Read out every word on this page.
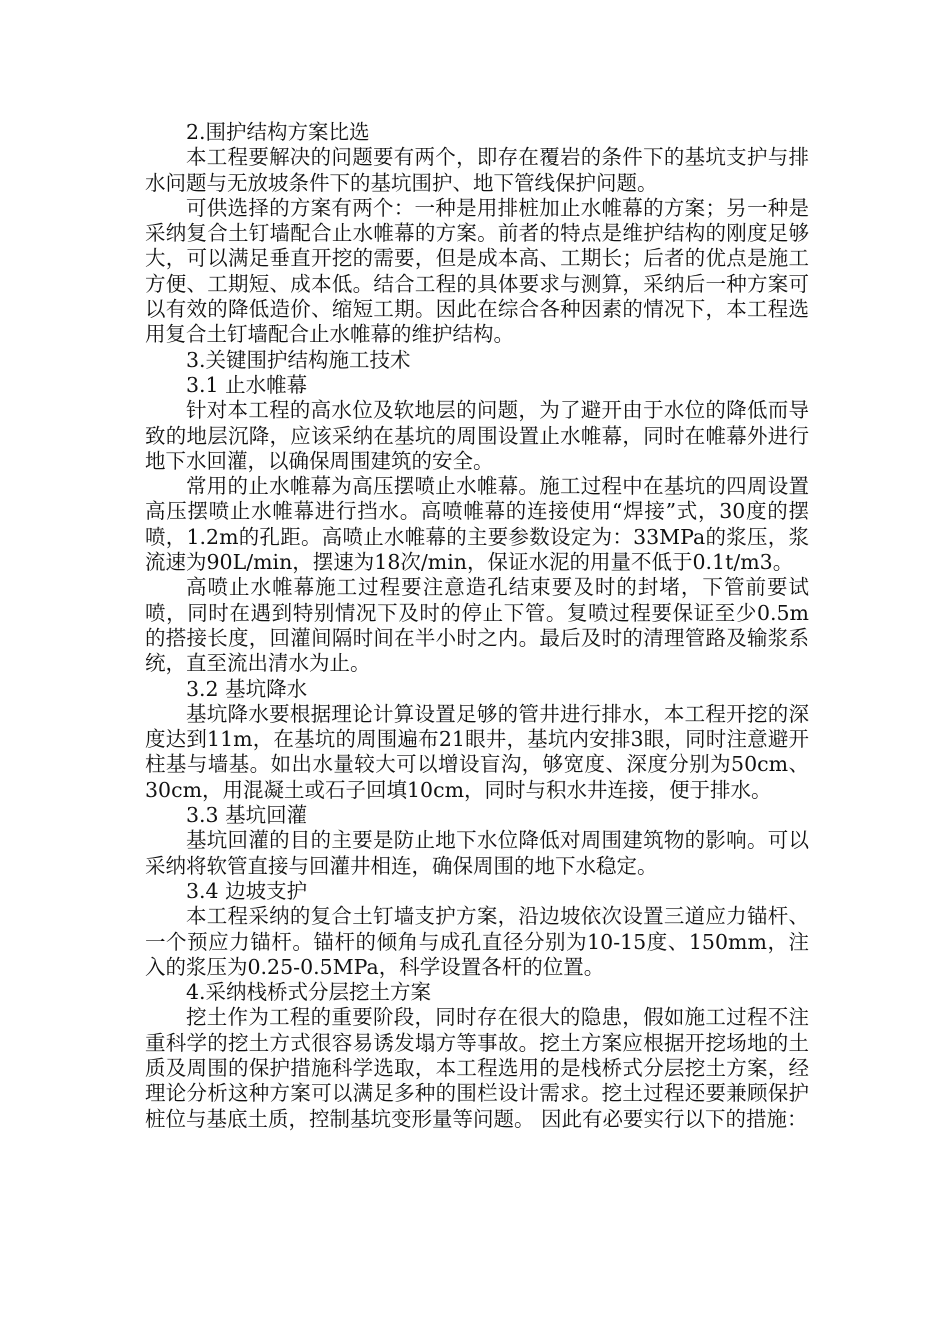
2.围护结构方案比选

本工程要解决的问题要有两个，即存在覆岩的条件下的基坑支护与排水问题与无放坡条件下的基坑围护、地下管线保护问题。

可供选择的方案有两个：一种是用排桩加止水帷幕的方案；另一种是采纳复合土钉墙配合止水帷幕的方案。前者的特点是维护结构的刚度足够大，可以满足垂直开挖的需要，但是成本高、工期长；后者的优点是施工方便、工期短、成本低。结合工程的具体要求与测算，采纳后一种方案可以有效的降低造价、缩短工期。因此在综合各种因素的情况下，本工程选用复合土钉墙配合止水帷幕的维护结构。

3.关键围护结构施工技术

3.1 止水帷幕

针对本工程的高水位及软地层的问题，为了避开由于水位的降低而导致的地层沉降，应该采纳在基坑的周围设置止水帷幕，同时在帷幕外进行地下水回灌，以确保周围建筑的安全。

常用的止水帷幕为高压摆喷止水帷幕。施工过程中在基坑的四周设置高压摆喷止水帷幕进行挡水。高喷帷幕的连接使用“焊接”式，30度的摆喷，1.2m的孔距。高喷止水帷幕的主要参数设定为：33MPa的浆压，浆流速为90L/min，摆速为18次/min，保证水泥的用量不低于0.1t/m3。

高喷止水帷幕施工过程要注意造孔结束要及时的封堵，下管前要试喷，同时在遇到特别情况下及时的停止下管。复喷过程要保证至少0.5m的搭接长度，回灌间隔时间在半小时之内。最后及时的清理管路及输浆系统，直至流出清水为止。

3.2 基坑降水

基坑降水要根据理论计算设置足够的管井进行排水，本工程开挖的深度达到11m，在基坑的周围遍布21眼井，基坑内安排3眼，同时注意避开柱基与墙基。如出水量较大可以增设盲沟，够宽度、深度分别为50cm、30cm，用混凝土或石子回填10cm，同时与积水井连接，便于排水。

3.3 基坑回灌

基坑回灌的目的主要是防止地下水位降低对周围建筑物的影响。可以采纳将软管直接与回灌井相连，确保周围的地下水稳定。

3.4 边坡支护

本工程采纳的复合土钉墙支护方案，沿边坡依次设置三道应力锚杆、一个预应力锚杆。锚杆的倾角与成孔直径分别为10-15度、150mm，注入的浆压为0.25-0.5MPa，科学设置各杆的位置。

4.采纳栈桥式分层挖土方案

挖土作为工程的重要阶段，同时存在很大的隐患，假如施工过程不注重科学的挖土方式很容易诱发塌方等事故。挖土方案应根据开挖场地的土质及周围的保护措施科学选取，本工程选用的是栈桥式分层挖土方案，经理论分析这种方案可以满足多种的围栏设计需求。挖土过程还要兼顾保护桩位与基底土质，控制基坑变形量等问题。 因此有必要实行以下的措施：
